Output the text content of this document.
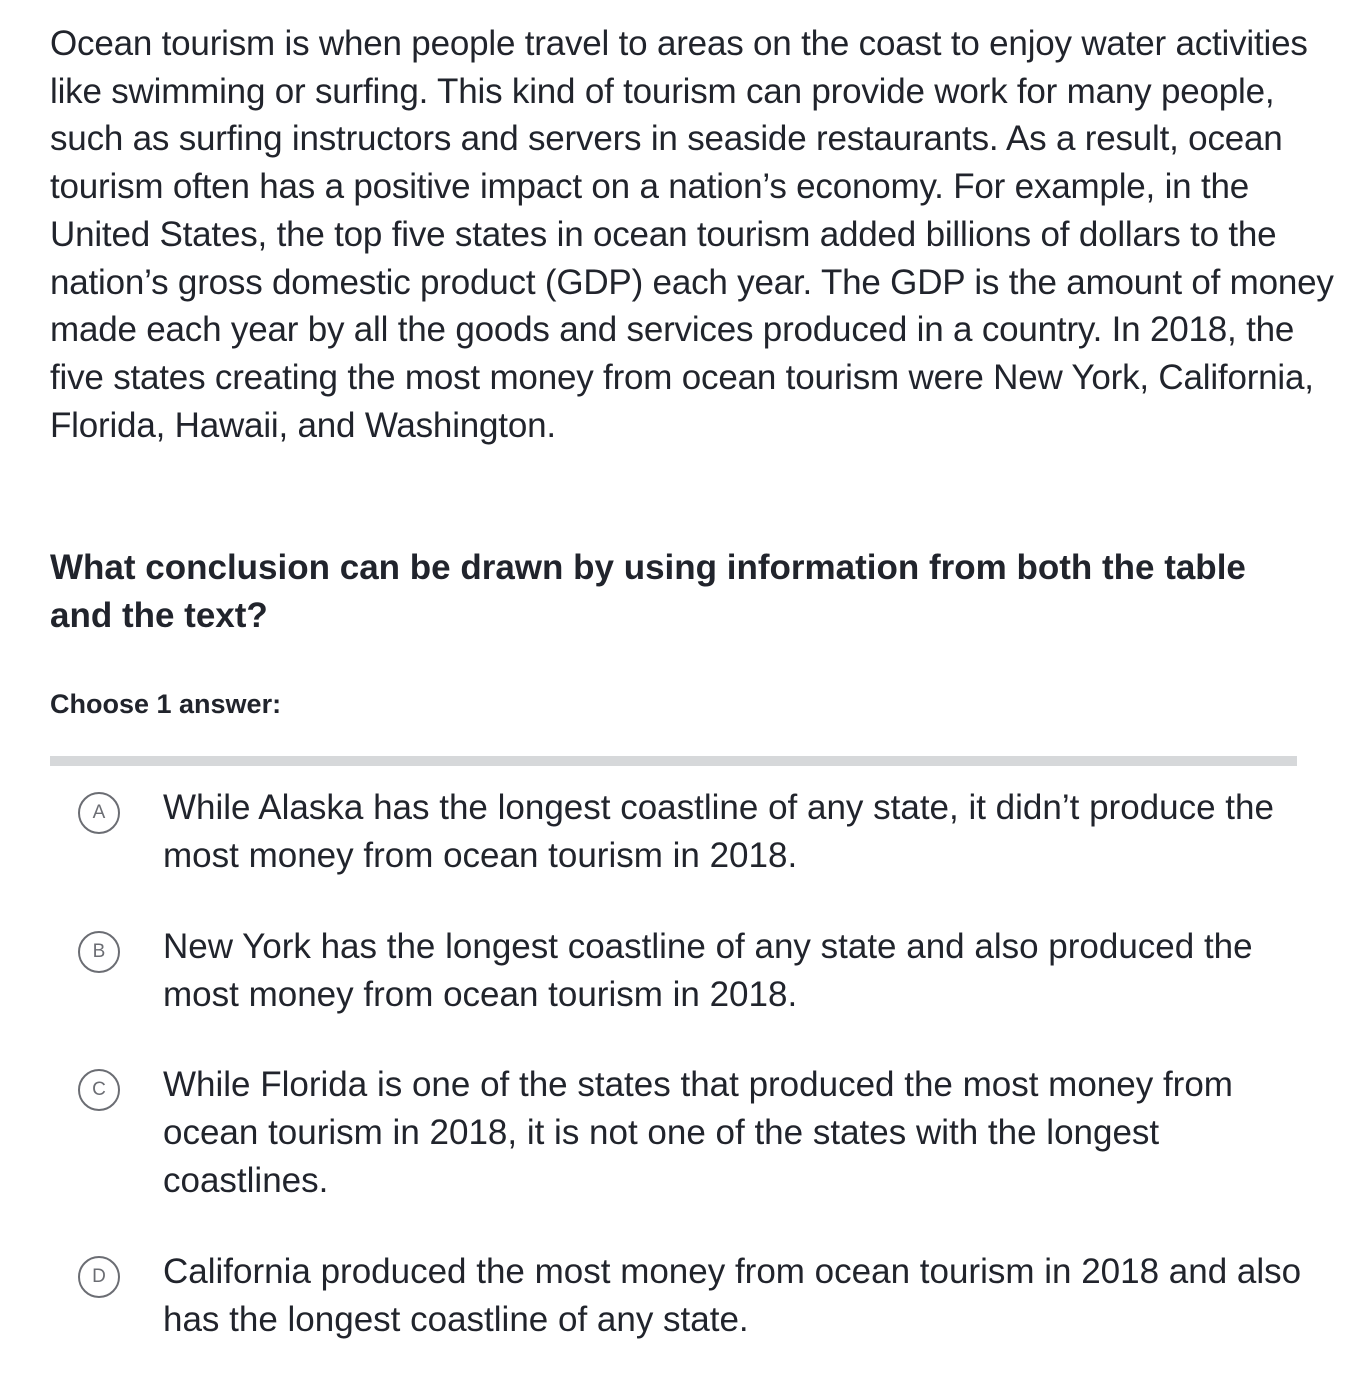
Ocean tourism is when people travel to areas on the coast to enjoy water activities like swimming or surfing. This kind of tourism can provide work for many people, such as surfing instructors and servers in seaside restaurants. As a result, ocean tourism often has a positive impact on a nation’s economy. For example, in the United States, the top five states in ocean tourism added billions of dollars to the nation’s gross domestic product (GDP) each year. The GDP is the amount of money made each year by all the goods and services produced in a country. In 2018, the five states creating the most money from ocean tourism were New York, California, Florida, Hawaii, and Washington.

What conclusion can be drawn by using information from both the table and the text?

Choose 1 answer:

A	While Alaska has the longest coastline of any state, it didn’t produce the most money from ocean tourism in 2018.
B	New York has the longest coastline of any state and also produced the most money from ocean tourism in 2018.
C	While Florida is one of the states that produced the most money from ocean tourism in 2018, it is not one of the states with the longest coastlines.
D	California produced the most money from ocean tourism in 2018 and also has the longest coastline of any state.
